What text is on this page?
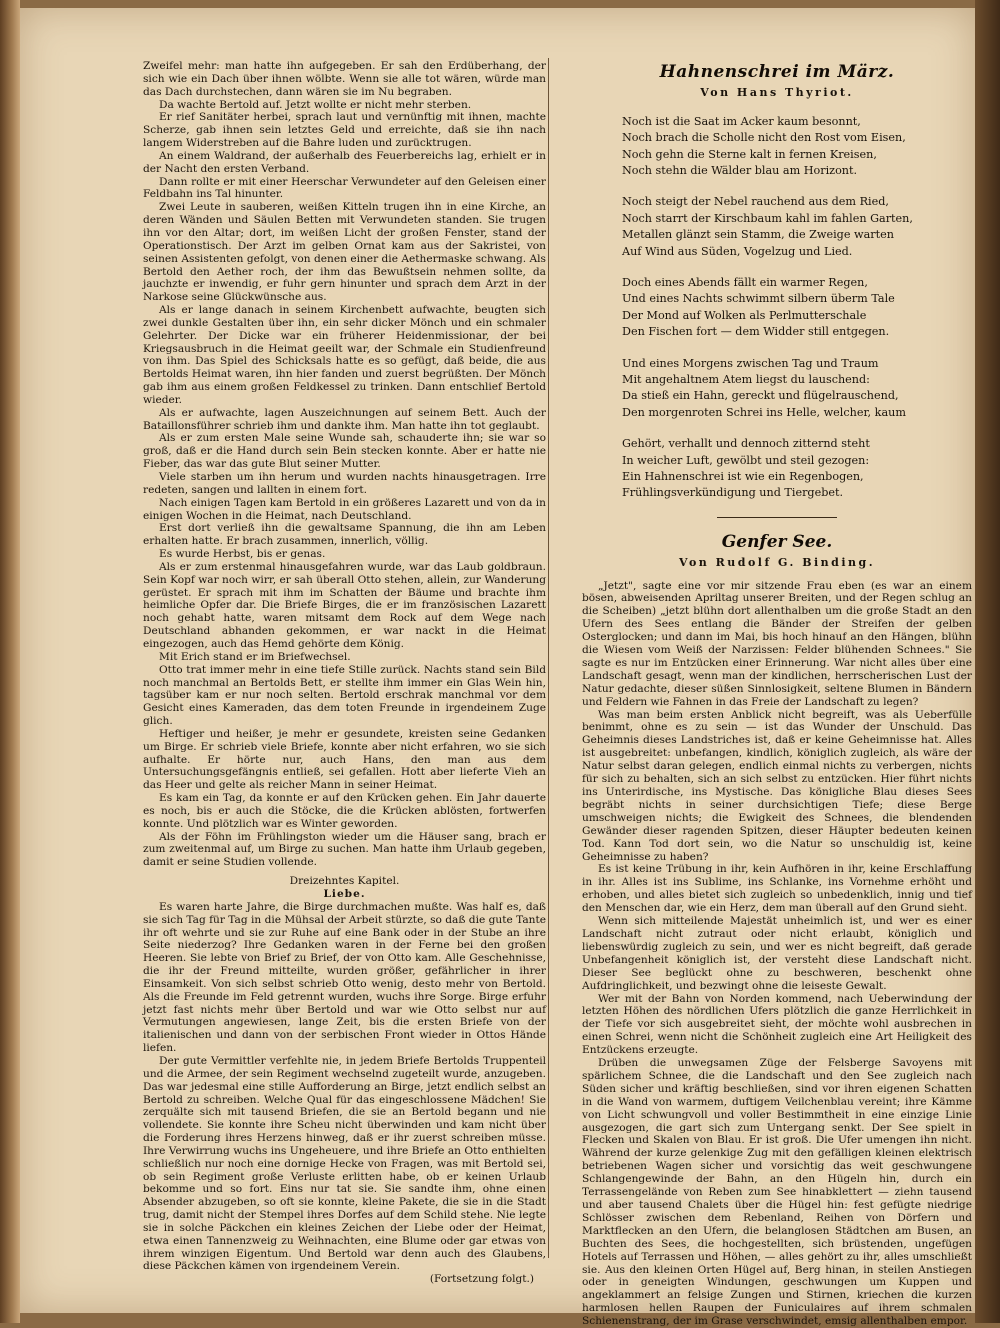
Zweifel mehr: man hatte ihn aufgegeben. Er sah den Erdüberhang, der sich wie ein Dach über ihnen wölbte. Wenn sie alle tot wären, würde man das Dach durchstechen, dann wären sie im Nu begraben.

Da wachte Bertold auf. Jetzt wollte er nicht mehr sterben.

Er rief Sanitäter herbei, sprach laut und vernünftig mit ihnen, machte Scherze, gab ihnen sein letztes Geld und erreichte, daß sie ihn nach langem Widerstreben auf die Bahre luden und zurücktrugen.

An einem Waldrand, der außerhalb des Feuerbereichs lag, erhielt er in der Nacht den ersten Verband.

Dann rollte er mit einer Heerschar Verwundeter auf den Geleisen einer Feldbahn ins Tal hinunter.

Zwei Leute in sauberen, weißen Kitteln trugen ihn in eine Kirche, an deren Wänden und Säulen Betten mit Verwundeten standen. Sie trugen ihn vor den Altar; dort, im weißen Licht der großen Fenster, stand der Operationstisch. Der Arzt im gelben Ornat kam aus der Sakristei, von seinen Assistenten gefolgt, von denen einer die Aethermaske schwang. Als Bertold den Aether roch, der ihm das Bewußtsein nehmen sollte, da jauchzte er inwendig, er fuhr gern hinunter und sprach dem Arzt in der Narkose seine Glückwünsche aus.

Als er lange danach in seinem Kirchenbett aufwachte, beugten sich zwei dunkle Gestalten über ihn, ein sehr dicker Mönch und ein schmaler Gelehrter. Der Dicke war ein früherer Heidenmissionar, der bei Kriegsausbruch in die Heimat geeilt war, der Schmale ein Studienfreund von ihm. Das Spiel des Schicksals hatte es so gefügt, daß beide, die aus Bertolds Heimat waren, ihn hier fanden und zuerst begrüßten. Der Mönch gab ihm aus einem großen Feldkessel zu trinken. Dann entschlief Bertold wieder.

Als er aufwachte, lagen Auszeichnungen auf seinem Bett. Auch der Bataillonsführer schrieb ihm und dankte ihm. Man hatte ihn tot geglaubt.

Als er zum ersten Male seine Wunde sah, schauderte ihn; sie war so groß, daß er die Hand durch sein Bein stecken konnte. Aber er hatte nie Fieber, das war das gute Blut seiner Mutter.

Viele starben um ihn herum und wurden nachts hinausgetragen. Irre redeten, sangen und lallten in einem fort.

Nach einigen Tagen kam Bertold in ein größeres Lazarett und von da in einigen Wochen in die Heimat, nach Deutschland.

Erst dort verließ ihn die gewaltsame Spannung, die ihn am Leben erhalten hatte. Er brach zusammen, innerlich, völlig.

Es wurde Herbst, bis er genas.

Als er zum erstenmal hinausgefahren wurde, war das Laub goldbraun. Sein Kopf war noch wirr, er sah überall Otto stehen, allein, zur Wanderung gerüstet. Er sprach mit ihm im Schatten der Bäume und brachte ihm heimliche Opfer dar. Die Briefe Birges, die er im französischen Lazarett noch gehabt hatte, waren mitsamt dem Rock auf dem Wege nach Deutschland abhanden gekommen, er war nackt in die Heimat eingezogen, auch das Hemd gehörte dem König.

Mit Erich stand er im Briefwechsel.

Otto trat immer mehr in eine tiefe Stille zurück. Nachts stand sein Bild noch manchmal an Bertolds Bett, er stellte ihm immer ein Glas Wein hin, tagsüber kam er nur noch selten. Bertold erschrak manchmal vor dem Gesicht eines Kameraden, das dem toten Freunde in irgendeinem Zuge glich.

Heftiger und heißer, je mehr er gesundete, kreisten seine Gedanken um Birge. Er schrieb viele Briefe, konnte aber nicht erfahren, wo sie sich aufhalte. Er hörte nur, auch Hans, den man aus dem Untersuchungsgefängnis entließ, sei gefallen. Hott aber lieferte Vieh an das Heer und gelte als reicher Mann in seiner Heimat.

Es kam ein Tag, da konnte er auf den Krücken gehen. Ein Jahr dauerte es noch, bis er auch die Stöcke, die die Krücken ablösten, fortwerfen konnte. Und plötzlich war es Winter geworden.

Als der Föhn im Frühlingston wieder um die Häuser sang, brach er zum zweitenmal auf, um Birge zu suchen. Man hatte ihm Urlaub gegeben, damit er seine Studien vollende.

Dreizehntes Kapitel.

Liebe.

Es waren harte Jahre, die Birge durchmachen mußte. Was half es, daß sie sich Tag für Tag in die Mühsal der Arbeit stürzte, so daß die gute Tante ihr oft wehrte und sie zur Ruhe auf eine Bank oder in der Stube an ihre Seite niederzog? Ihre Gedanken waren in der Ferne bei den großen Heeren. Sie lebte von Brief zu Brief, der von Otto kam. Alle Geschehnisse, die ihr der Freund mitteilte, wurden größer, gefährlicher in ihrer Einsamkeit. Von sich selbst schrieb Otto wenig, desto mehr von Bertold. Als die Freunde im Feld getrennt wurden, wuchs ihre Sorge. Birge erfuhr jetzt fast nichts mehr über Bertold und war wie Otto selbst nur auf Vermutungen angewiesen, lange Zeit, bis die ersten Briefe von der italienischen und dann von der serbischen Front wieder in Ottos Hände liefen.

Der gute Vermittler verfehlte nie, in jedem Briefe Bertolds Truppenteil und die Armee, der sein Regiment wechselnd zugeteilt wurde, anzugeben. Das war jedesmal eine stille Aufforderung an Birge, jetzt endlich selbst an Bertold zu schreiben. Welche Qual für das eingeschlossene Mädchen! Sie zerquälte sich mit tausend Briefen, die sie an Bertold begann und nie vollendete. Sie konnte ihre Scheu nicht überwinden und kam nicht über die Forderung ihres Herzens hinweg, daß er ihr zuerst schreiben müsse. Ihre Verwirrung wuchs ins Ungeheuere, und ihre Briefe an Otto enthielten schließlich nur noch eine dornige Hecke von Fragen, was mit Bertold sei, ob sein Regiment große Verluste erlitten habe, ob er keinen Urlaub bekomme und so fort. Eins nur tat sie. Sie sandte ihm, ohne einen Absender abzugeben, so oft sie konnte, kleine Pakete, die sie in die Stadt trug, damit nicht der Stempel ihres Dorfes auf dem Schild stehe. Nie legte sie in solche Päckchen ein kleines Zeichen der Liebe oder der Heimat, etwa einen Tannenzweig zu Weihnachten, eine Blume oder gar etwas von ihrem winzigen Eigentum. Und Bertold war denn auch des Glaubens, diese Päckchen kämen von irgendeinem Verein.

(Fortsetzung folgt.)

Hahnenschrei im März.
Von Hans Thyriot.
Noch ist die Saat im Acker kaum besonnt,
Noch brach die Scholle nicht den Rost vom Eisen,
Noch gehn die Sterne kalt in fernen Kreisen,
Noch stehn die Wälder blau am Horizont.
Noch steigt der Nebel rauchend aus dem Ried,
Noch starrt der Kirschbaum kahl im fahlen Garten,
Metallen glänzt sein Stamm, die Zweige warten
Auf Wind aus Süden, Vogelzug und Lied.
Doch eines Abends fällt ein warmer Regen,
Und eines Nachts schwimmt silbern überm Tale
Der Mond auf Wolken als Perlmutterschale
Den Fischen fort — dem Widder still entgegen.
Und eines Morgens zwischen Tag und Traum
Mit angehaltnem Atem liegst du lauschend:
Da stieß ein Hahn, gereckt und flügelrauschend,
Den morgenroten Schrei ins Helle, welcher, kaum
Gehört, verhallt und dennoch zitternd steht
In weicher Luft, gewölbt und steil gezogen:
Ein Hahnenschrei ist wie ein Regenbogen,
Frühlingsverkündigung und Tiergebet.
Genfer See.
Von Rudolf G. Binding.

„Jetzt", sagte eine vor mir sitzende Frau eben (es war an einem bösen, abweisenden Apriltag unserer Breiten, und der Regen schlug an die Scheiben) „jetzt blühn dort allenthalben um die große Stadt an den Ufern des Sees entlang die Bänder der Streifen der gelben Osterglocken; und dann im Mai, bis hoch hinauf an den Hängen, blühn die Wiesen vom Weiß der Narzissen: Felder blühenden Schnees." Sie sagte es nur im Entzücken einer Erinnerung. War nicht alles über eine Landschaft gesagt, wenn man der kindlichen, herrscherischen Lust der Natur gedachte, dieser süßen Sinnlosigkeit, seltene Blumen in Bändern und Feldern wie Fahnen in das Freie der Landschaft zu legen?

Was man beim ersten Anblick nicht begreift, was als Ueberfülle benimmt, ohne es zu sein — ist das Wunder der Unschuld. Das Geheimnis dieses Landstriches ist, daß er keine Geheimnisse hat. Alles ist ausgebreitet: unbefangen, kindlich, königlich zugleich, als wäre der Natur selbst daran gelegen, endlich einmal nichts zu verbergen, nichts für sich zu behalten, sich an sich selbst zu entzücken. Hier führt nichts ins Unterirdische, ins Mystische. Das königliche Blau dieses Sees begräbt nichts in seiner durchsichtigen Tiefe; diese Berge umschweigen nichts; die Ewigkeit des Schnees, die blendenden Gewänder dieser ragenden Spitzen, dieser Häupter bedeuten keinen Tod. Kann Tod dort sein, wo die Natur so unschuldig ist, keine Geheimnisse zu haben?

Es ist keine Trübung in ihr, kein Aufhören in ihr, keine Erschlaffung in ihr. Alles ist ins Sublime, ins Schlanke, ins Vornehme erhöht und erhoben, und alles bietet sich zugleich so unbedenklich, innig und tief den Menschen dar, wie ein Herz, dem man überall auf den Grund sieht.

Wenn sich mitteilende Majestät unheimlich ist, und wer es einer Landschaft nicht zutraut oder nicht erlaubt, königlich und liebenswürdig zugleich zu sein, und wer es nicht begreift, daß gerade Unbefangenheit königlich ist, der versteht diese Landschaft nicht. Dieser See beglückt ohne zu beschweren, beschenkt ohne Aufdringlichkeit, und bezwingt ohne die leiseste Gewalt.

Wer mit der Bahn von Norden kommend, nach Ueberwindung der letzten Höhen des nördlichen Ufers plötzlich die ganze Herrlichkeit in der Tiefe vor sich ausgebreitet sieht, der möchte wohl ausbrechen in einen Schrei, wenn nicht die Schönheit zugleich eine Art Heiligkeit des Entzückens erzeugte.

Drüben die unwegsamen Züge der Felsberge Savoyens mit spärlichem Schnee, die die Landschaft und den See zugleich nach Süden sicher und kräftig beschließen, sind vor ihren eigenen Schatten in die Wand von warmem, duftigem Veilchenblau vereint; ihre Kämme von Licht schwungvoll und voller Bestimmtheit in eine einzige Linie ausgezogen, die gart sich zum Untergang senkt. Der See spielt in Flecken und Skalen von Blau. Er ist groß. Die Ufer umengen ihn nicht. Während der kurze gelenkige Zug mit den gefälligen kleinen elektrisch betriebenen Wagen sicher und vorsichtig das weit geschwungene Schlangengewinde der Bahn, an den Hügeln hin, durch ein Terrassengelände von Reben zum See hinabklettert — ziehn tausend und aber tausend Chalets über die Hügel hin: fest gefügte niedrige Schlösser zwischen dem Rebenland, Reihen von Dörfern und Marktflecken an den Ufern, die belanglosen Städtchen am Busen, an Buchten des Sees, die hochgestellten, sich brüstenden, ungefügen Hotels auf Terrassen und Höhen, — alles gehört zu ihr, alles umschließt sie. Aus den kleinen Orten Hügel auf, Berg hinan, in steilen Anstiegen oder in geneigten Windungen, geschwungen um Kuppen und angeklammert an felsige Zungen und Stirnen, kriechen die kurzen harmlosen hellen Raupen der Funiculaires auf ihrem schmalen Schienenstrang, der im Grase verschwindet, emsig allenthalben empor.
